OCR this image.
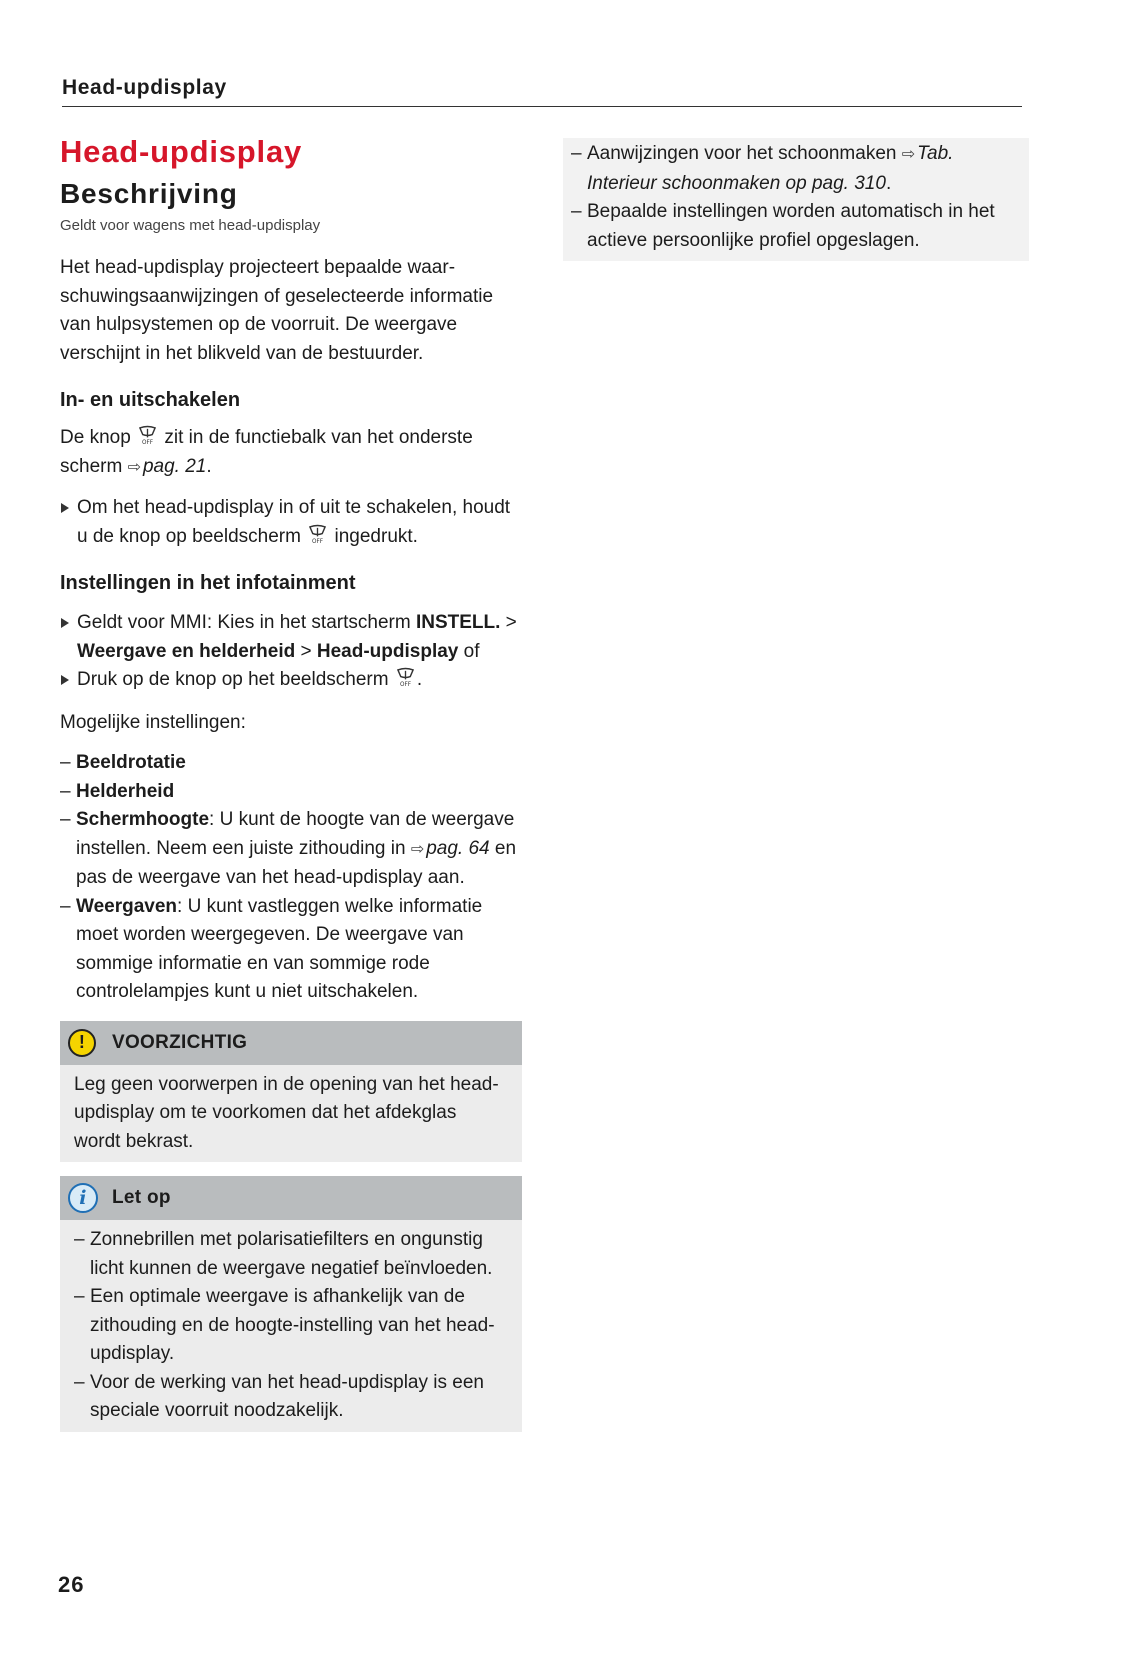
Head-updisplay
Head-updisplay
Beschrijving
Geldt voor wagens met head-updisplay

Het head-updisplay projecteert bepaalde waarschuwingsaanwijzingen of geselecteerde informatie van hulpsystemen op de voorruit. De weergave verschijnt in het blikveld van de bestuurder.

In- en uitschakelen

De knop OFF zit in de functiebalk van het onderste scherm ⇨ pag. 21.

Om het head-updisplay in of uit te schakelen, houdt u de knop op beeldscherm OFF ingedrukt.
Instellingen in het infotainment
Geldt voor MMI: Kies in het startscherm INSTELL. > Weergave en helderheid > Head-updisplay of
Druk op de knop op het beeldscherm OFF .

Mogelijke instellingen:

– Beeldrotatie
– Helderheid
– Schermhoogte: U kunt de hoogte van de weergave instellen. Neem een juiste zithouding in ⇨ pag. 64 en pas de weergave van het head-updisplay aan.
– Weergaven: U kunt vastleggen welke informatie moet worden weergegeven. De weergave van sommige informatie en van sommige rode controlelampjes kunt u niet uitschakelen.
!	VOORZICHTIG
Leg geen voorwerpen in de opening van het head-updisplay om te voorkomen dat het afdekglas wordt bekrast.
i	Let op
– Zonnebrillen met polarisatiefilters en ongunstig licht kunnen de weergave negatief beïnvloeden.
– Een optimale weergave is afhankelijk van de zithouding en de hoogte-instelling van het head-updisplay.
– Voor de werking van het head-updisplay is een speciale voorruit noodzakelijk.
– Aanwijzingen voor het schoonmaken ⇨ Tab. Interieur schoonmaken op pag. 310.
– Bepaalde instellingen worden automatisch in het actieve persoonlijke profiel opgeslagen.
26
